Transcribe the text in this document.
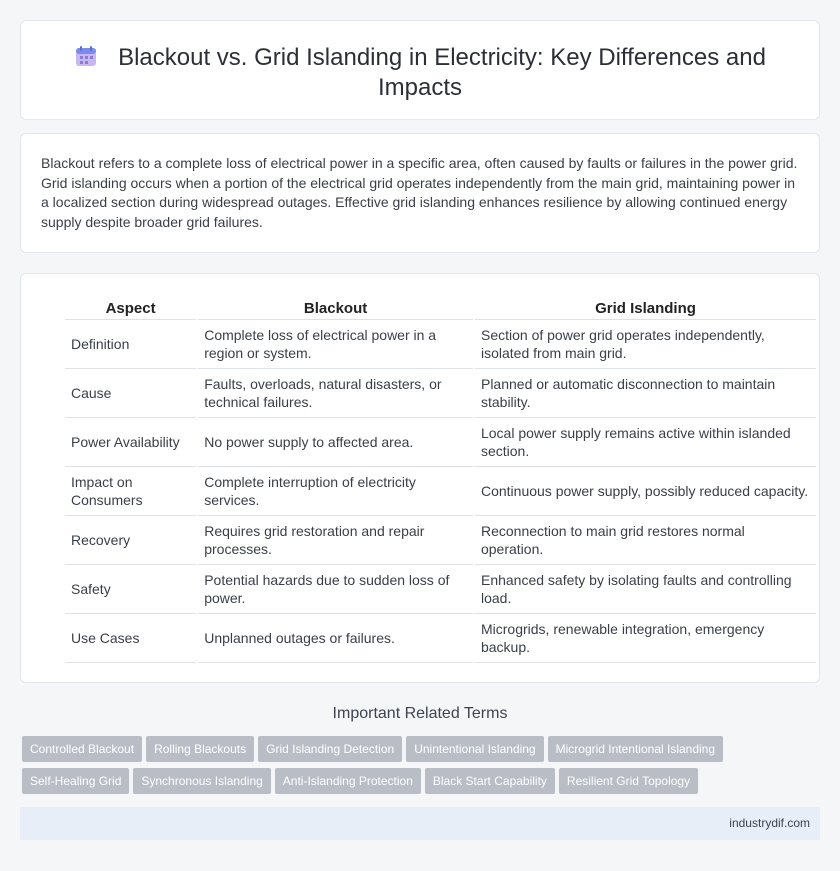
Blackout vs. Grid Islanding in Electricity: Key Differences and Impacts

Blackout refers to a complete loss of electrical power in a specific area, often caused by faults or failures in the power grid. Grid islanding occurs when a portion of the electrical grid operates independently from the main grid, maintaining power in a localized section during widespread outages. Effective grid islanding enhances resilience by allowing continued energy supply despite broader grid failures.

Aspect	Blackout	Grid Islanding
Definition	Complete loss of electrical power in a region or system.	Section of power grid operates independently, isolated from main grid.
Cause	Faults, overloads, natural disasters, or technical failures.	Planned or automatic disconnection to maintain stability.
Power Availability	No power supply to affected area.	Local power supply remains active within islanded section.
Impact on Consumers	Complete interruption of electricity services.	Continuous power supply, possibly reduced capacity.
Recovery	Requires grid restoration and repair processes.	Reconnection to main grid restores normal operation.
Safety	Potential hazards due to sudden loss of power.	Enhanced safety by isolating faults and controlling load.
Use Cases	Unplanned outages or failures.	Microgrids, renewable integration, emergency backup.
Important Related Terms
Controlled Blackout Rolling Blackouts Grid Islanding Detection Unintentional Islanding Microgrid Intentional Islanding
Self-Healing Grid Synchronous Islanding Anti-Islanding Protection Black Start Capability Resilient Grid Topology
industrydif.com
